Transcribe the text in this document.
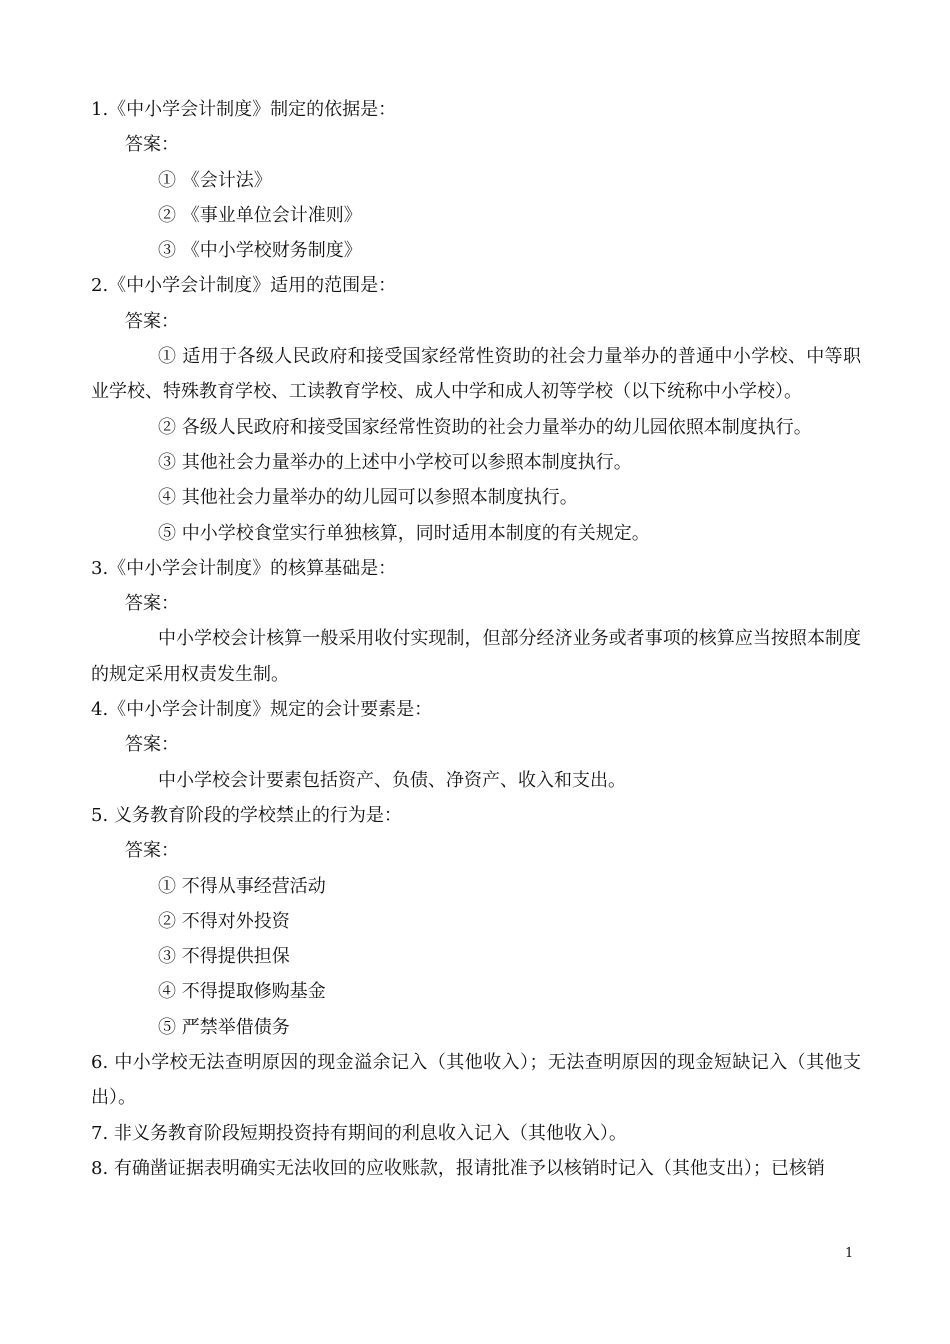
1.《中小学会计制度》制定的依据是：
答案：
① 《会计法》
② 《事业单位会计准则》
③ 《中小学校财务制度》
2.《中小学会计制度》适用的范围是：
答案：
① 适用于各级人民政府和接受国家经常性资助的社会力量举办的普通中小学校、中等职业学校、特殊教育学校、工读教育学校、成人中学和成人初等学校（以下统称中小学校）。
② 各级人民政府和接受国家经常性资助的社会力量举办的幼儿园依照本制度执行。
③ 其他社会力量举办的上述中小学校可以参照本制度执行。
④ 其他社会力量举办的幼儿园可以参照本制度执行。
⑤ 中小学校食堂实行单独核算，同时适用本制度的有关规定。
3.《中小学会计制度》的核算基础是：
答案：
中小学校会计核算一般采用收付实现制，但部分经济业务或者事项的核算应当按照本制度的规定采用权责发生制。
4.《中小学会计制度》规定的会计要素是：
答案：
中小学校会计要素包括资产、负债、净资产、收入和支出。
5. 义务教育阶段的学校禁止的行为是：
答案：
① 不得从事经营活动
② 不得对外投资
③ 不得提供担保
④ 不得提取修购基金
⑤ 严禁举借债务
6. 中小学校无法查明原因的现金溢余记入（其他收入）；无法查明原因的现金短缺记入（其他支出）。
7. 非义务教育阶段短期投资持有期间的利息收入记入（其他收入）。
8. 有确凿证据表明确实无法收回的应收账款，报请批准予以核销时记入（其他支出）；已核销
1
